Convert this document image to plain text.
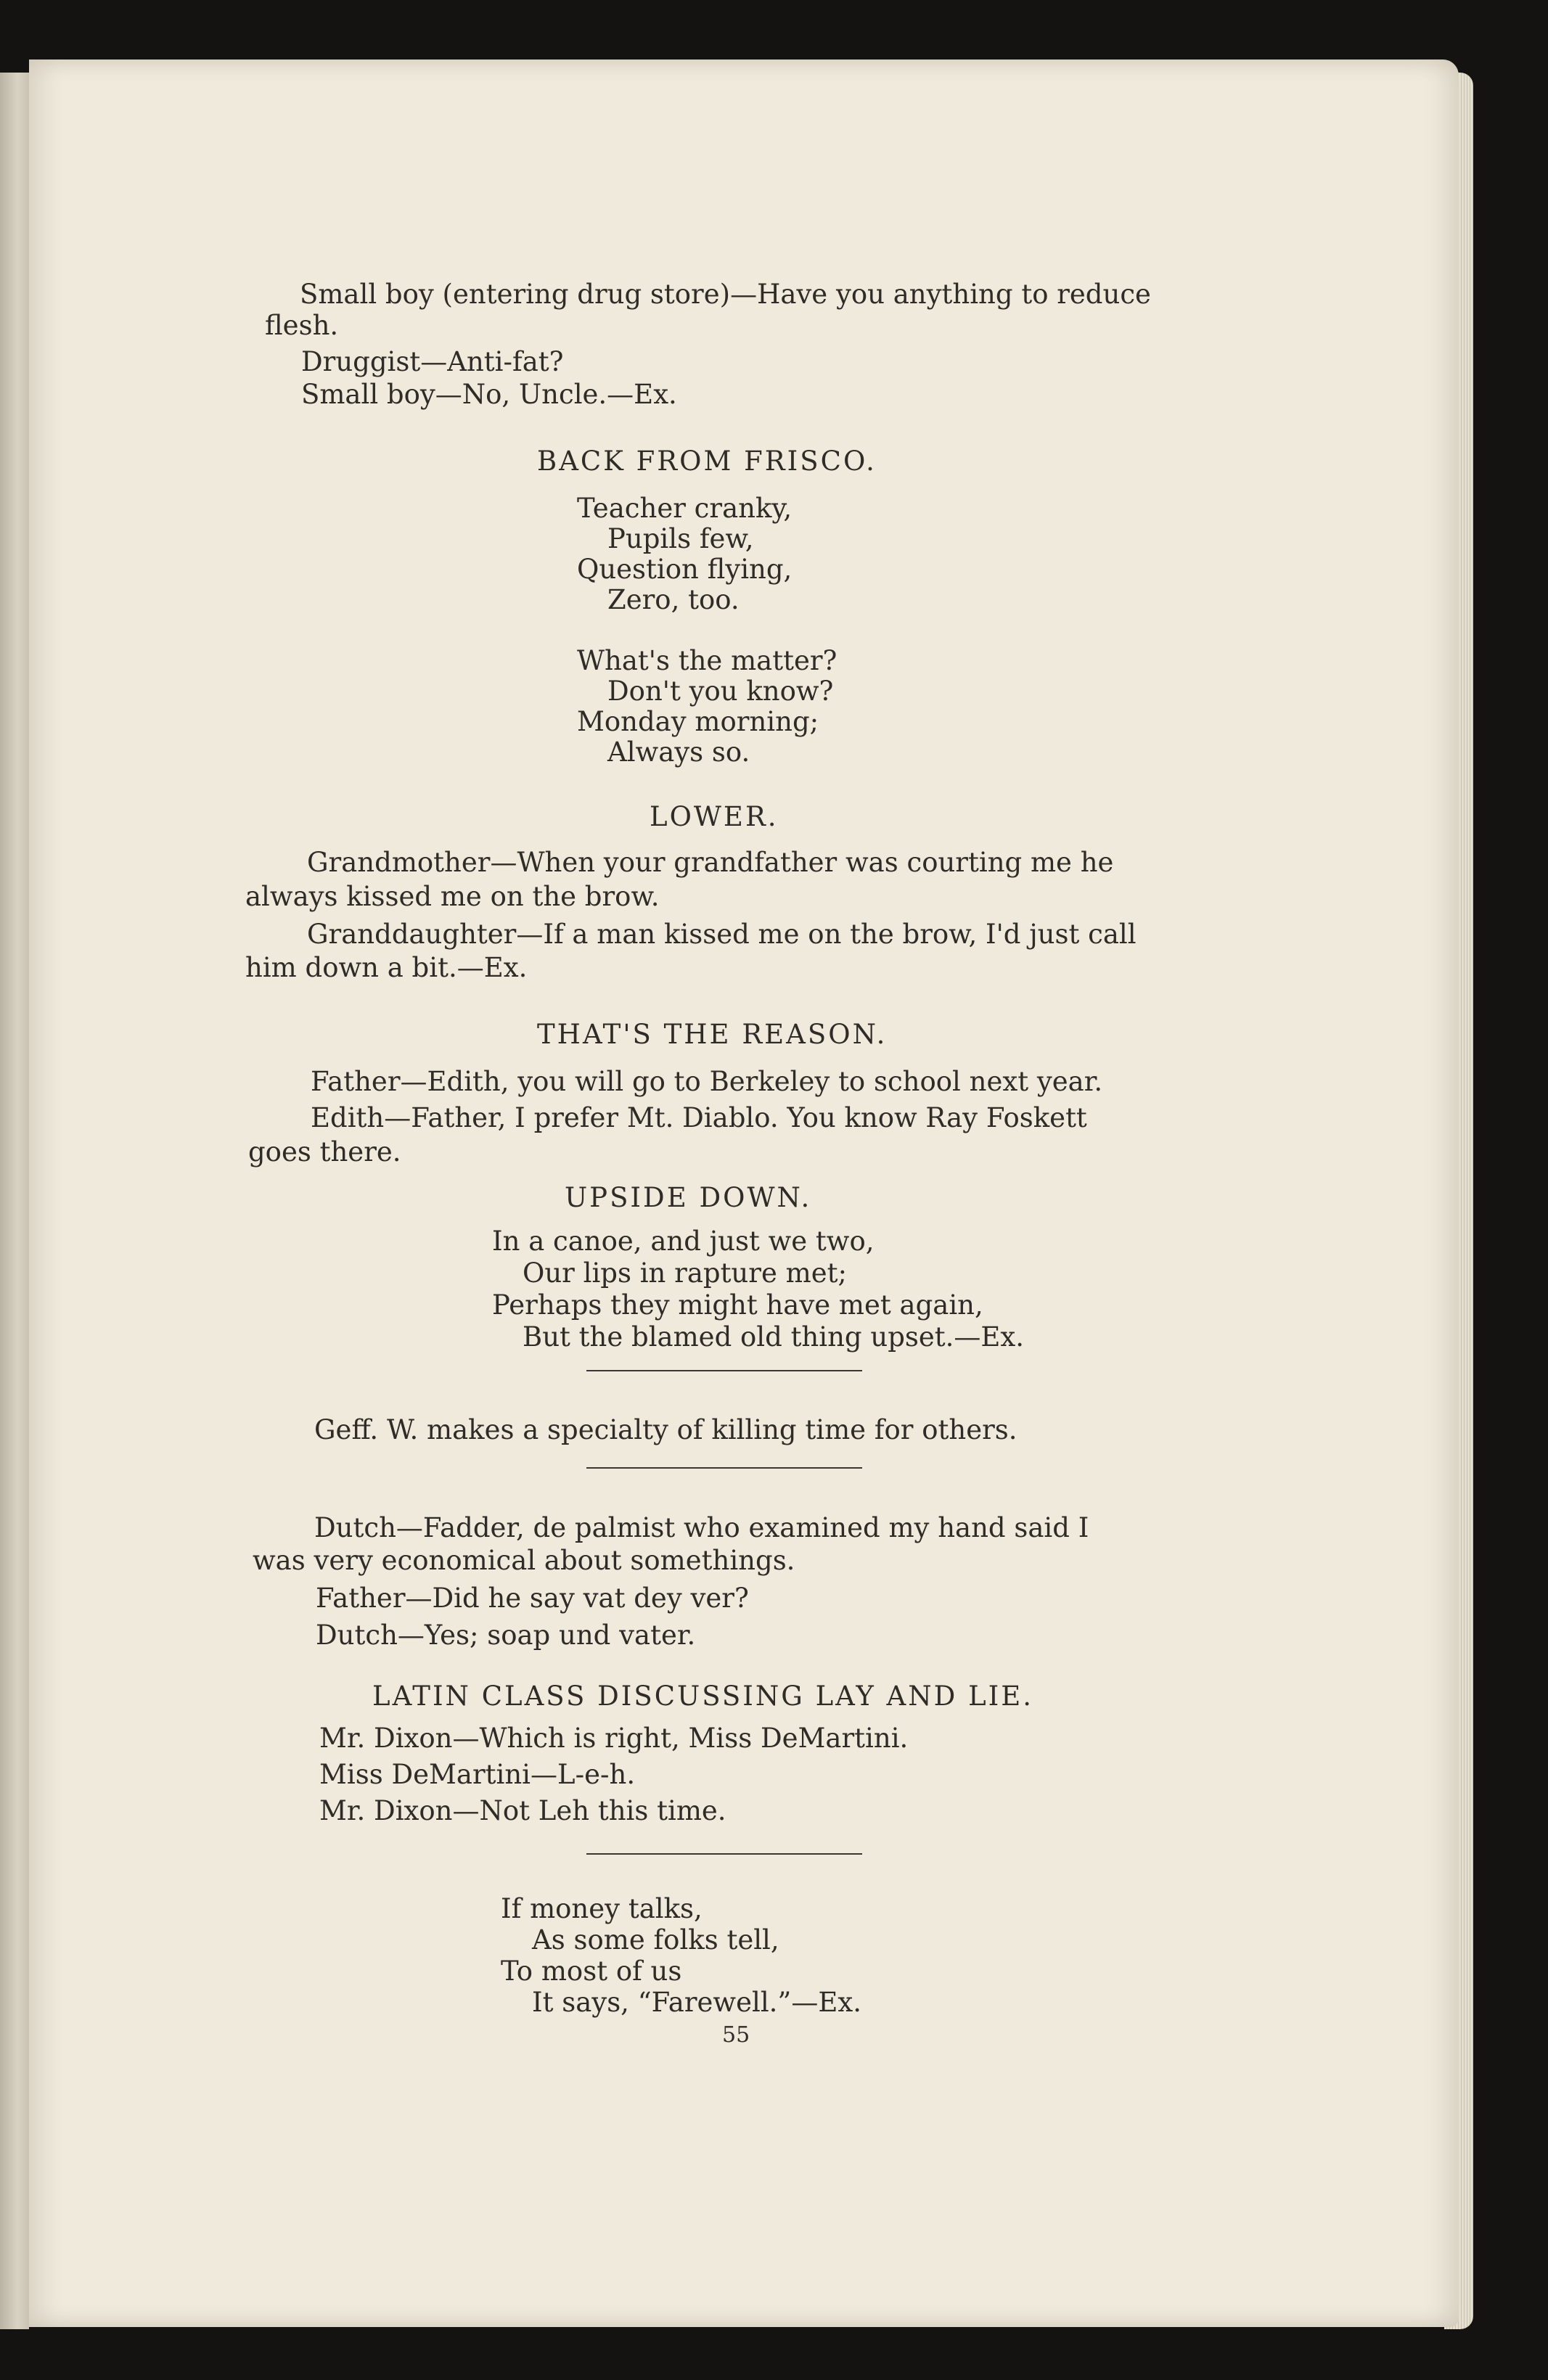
Small boy (entering drug store)—Have you anything to reduce

flesh.

Druggist—Anti-fat?

Small boy—No, Uncle.—Ex.

BACK FROM FRISCO.

Teacher cranky,

Pupils few,

Question flying,

Zero, too.

What's the matter?

Don't you know?

Monday morning;

Always so.

LOWER.

Grandmother—When your grandfather was courting me he

always kissed me on the brow.

Granddaughter—If a man kissed me on the brow, I'd just call

him down a bit.—Ex.

THAT'S THE REASON.

Father—Edith, you will go to Berkeley to school next year.

Edith—Father, I prefer Mt. Diablo. You know Ray Foskett

goes there.

UPSIDE DOWN.

In a canoe, and just we two,

Our lips in rapture met;

Perhaps they might have met again,

But the blamed old thing upset.—Ex.

Geff. W. makes a specialty of killing time for others.

Dutch—Fadder, de palmist who examined my hand said I

was very economical about somethings.

Father—Did he say vat dey ver?

Dutch—Yes; soap und vater.

LATIN CLASS DISCUSSING LAY AND LIE.

Mr. Dixon—Which is right, Miss DeMartini.

Miss DeMartini—L-e-h.

Mr. Dixon—Not Leh this time.

If money talks,

As some folks tell,

To most of us

It says, “Farewell.”—Ex.

55
